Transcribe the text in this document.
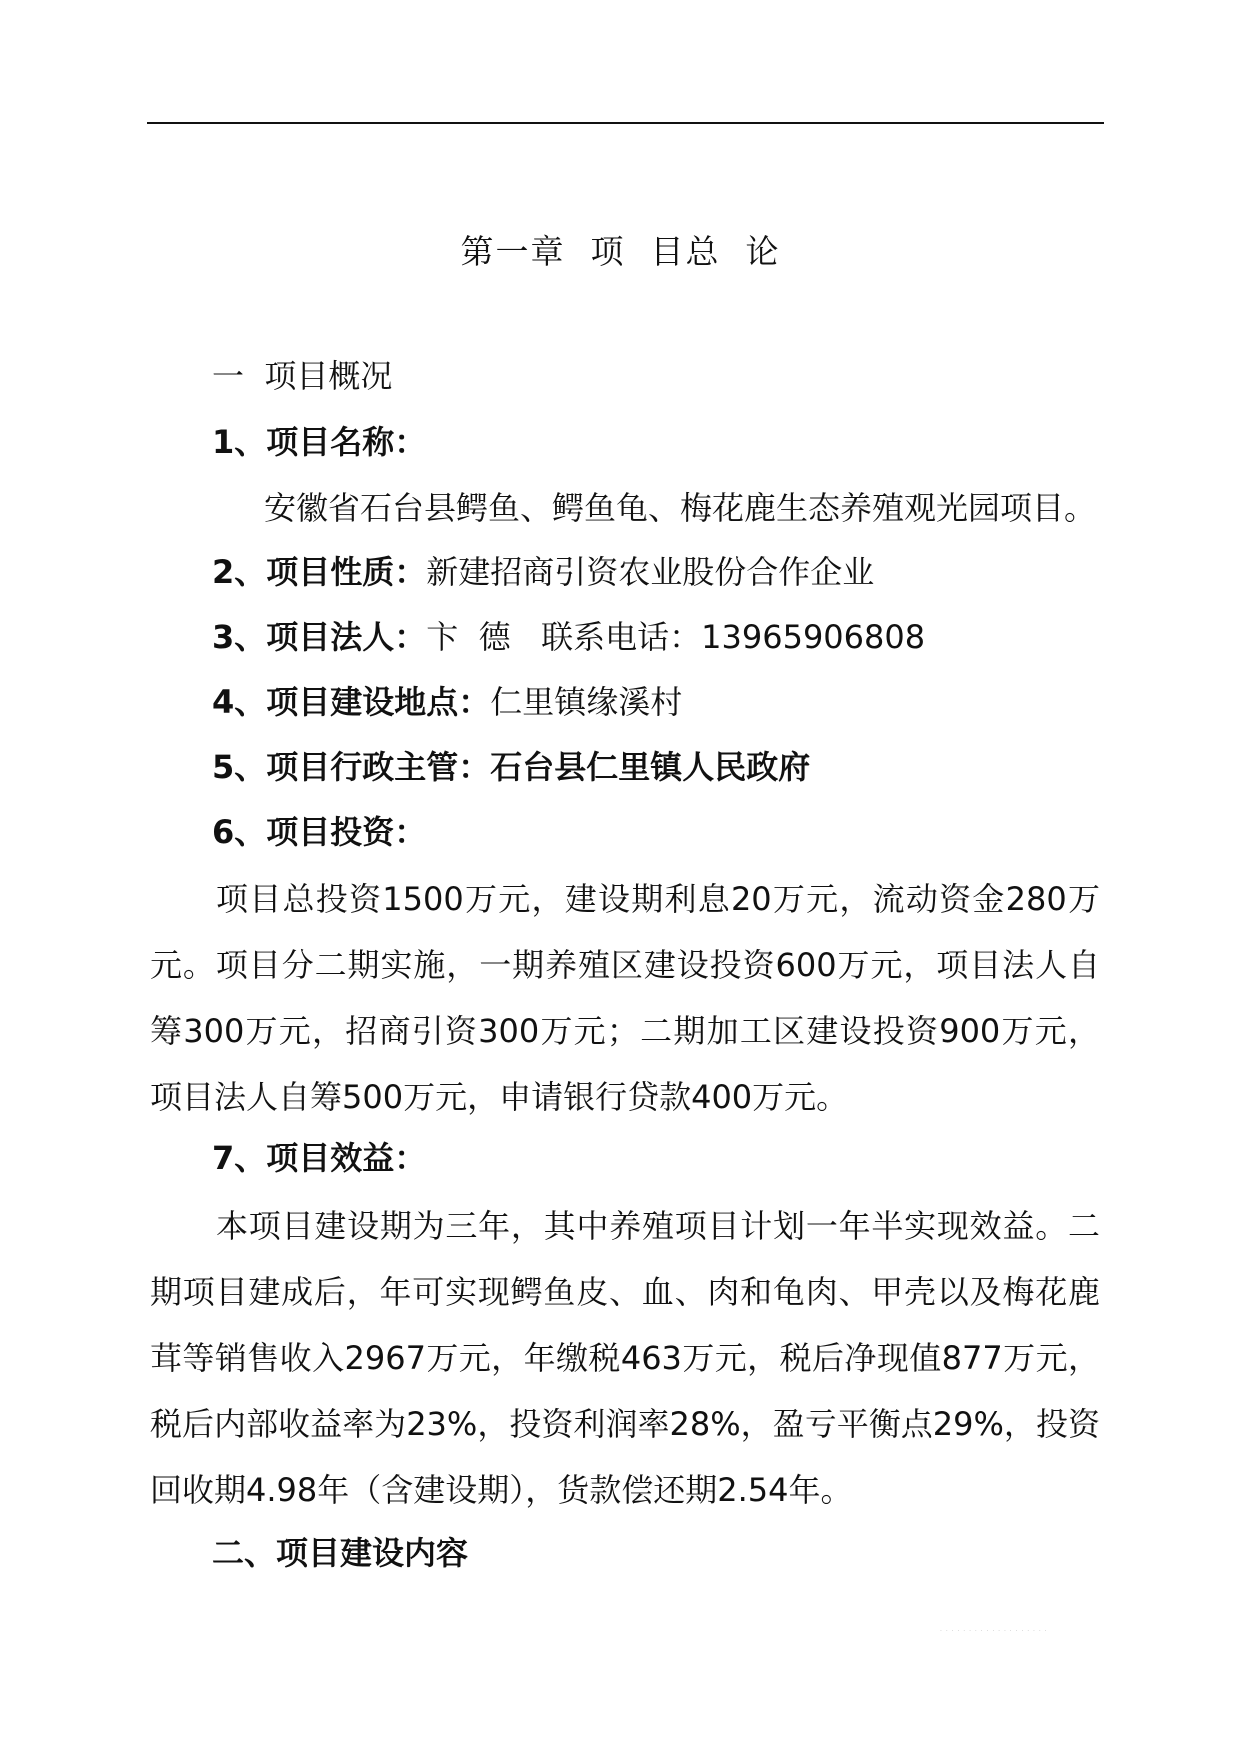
第一章  项  目总  论
一  项目概况
1、项目名称：
安徽省石台县鳄鱼、鳄鱼龟、梅花鹿生态养殖观光园项目。
2、项目性质：新建招商引资农业股份合作企业
3、项目法人：卞  德   联系电话：13965906808
4、项目建设地点：仁里镇缘溪村
5、项目行政主管：石台县仁里镇人民政府
6、项目投资：
项目总投资1500万元，建设期利息20万元，流动资金280万元。项目分二期实施，一期养殖区建设投资600万元，项目法人自筹300万元，招商引资300万元；二期加工区建设投资900万元，项目法人自筹500万元，申请银行贷款400万元。
7、项目效益：
本项目建设期为三年，其中养殖项目计划一年半实现效益。二期项目建成后，年可实现鳄鱼皮、血、肉和龟肉、甲壳以及梅花鹿茸等销售收入2967万元，年缴税463万元，税后净现值877万元，税后内部收益率为23%，投资利润率28%，盈亏平衡点29%，投资回收期4.98年（含建设期），货款偿还期2.54年。
二、项目建设内容
· · · · · · · · · · · · · · · · · · ·
